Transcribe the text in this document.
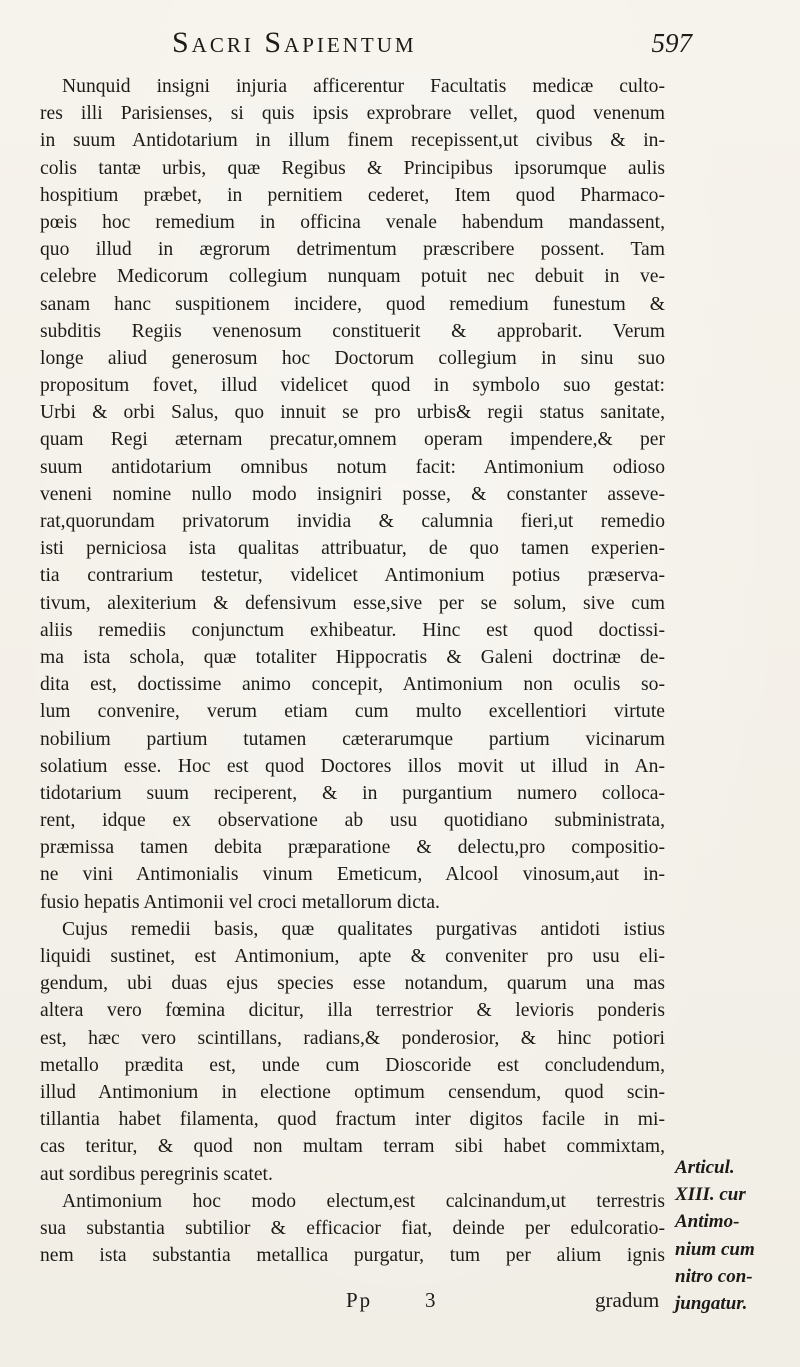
Sacri Sapientum	597
Nunquid insigni injuria afficerentur Facultatis medicæ culto-
res illi Parisienses, si quis ipsis exprobrare vellet, quod venenum
in suum Antidotarium in illum finem recepissent,ut civibus & in-
colis tantæ urbis, quæ Regibus & Principibus ipsorumque aulis
hospitium præbet, in pernitiem cederet, Item quod Pharmaco-
pœis hoc remedium in officina venale habendum mandassent,
quo illud in ægrorum detrimentum præscribere possent. Tam
celebre Medicorum collegium nunquam potuit nec debuit in ve-
sanam hanc suspitionem incidere, quod remedium funestum &
subditis Regiis venenosum constituerit & approbarit. Verum
longe aliud generosum hoc Doctorum collegium in sinu suo
propositum fovet, illud videlicet quod in symbolo suo gestat:
Urbi & orbi Salus, quo innuit se pro urbis& regii status sanitate,
quam Regi æternam precatur,omnem operam impendere,& per
suum antidotarium omnibus notum facit: Antimonium odioso
veneni nomine nullo modo insigniri posse, & constanter asseve-
rat,quorundam privatorum invidia & calumnia fieri,ut remedio
isti perniciosa ista qualitas attribuatur, de quo tamen experien-
tia contrarium testetur, videlicet Antimonium potius præserva-
tivum, alexiterium & defensivum esse,sive per se solum, sive cum
aliis remediis conjunctum exhibeatur. Hinc est quod doctissi-
ma ista schola, quæ totaliter Hippocratis & Galeni doctrinæ de-
dita est, doctissime animo concepit, Antimonium non oculis so-
lum convenire, verum etiam cum multo excellentiori virtute
nobilium partium tutamen cæterarumque partium vicinarum
solatium esse. Hoc est quod Doctores illos movit ut illud in An-
tidotarium suum reciperent, & in purgantium numero colloca-
rent, idque ex observatione ab usu quotidiano subministrata,
præmissa tamen debita præparatione & delectu,pro compositio-
ne vini Antimonialis vinum Emeticum, Alcool vinosum,aut in-
fusio hepatis Antimonii vel croci metallorum dicta.
Cujus remedii basis, quæ qualitates purgativas antidoti istius
liquidi sustinet, est Antimonium, apte & conveniter pro usu eli-
gendum, ubi duas ejus species esse notandum, quarum una mas
altera vero fœmina dicitur, illa terrestrior & levioris ponderis
est, hæc vero scintillans, radians,& ponderosior, & hinc potiori
metallo prædita est, unde cum Dioscoride est concludendum,
illud Antimonium in electione optimum censendum, quod scin-
tillantia habet filamenta, quod fractum inter digitos facile in mi-
cas teritur, & quod non multam terram sibi habet commixtam,
aut sordibus peregrinis scatet.
Antimonium hoc modo electum,est calcinandum,ut terrestris
sua substantia subtilior & efficacior fiat, deinde per edulcoratio-
nem ista substantia metallica purgatur, tum per alium ignis
Pp	3	gradum
Articul.
XIII. cur
Antimo-
nium cum
nitro con-
jungatur.
